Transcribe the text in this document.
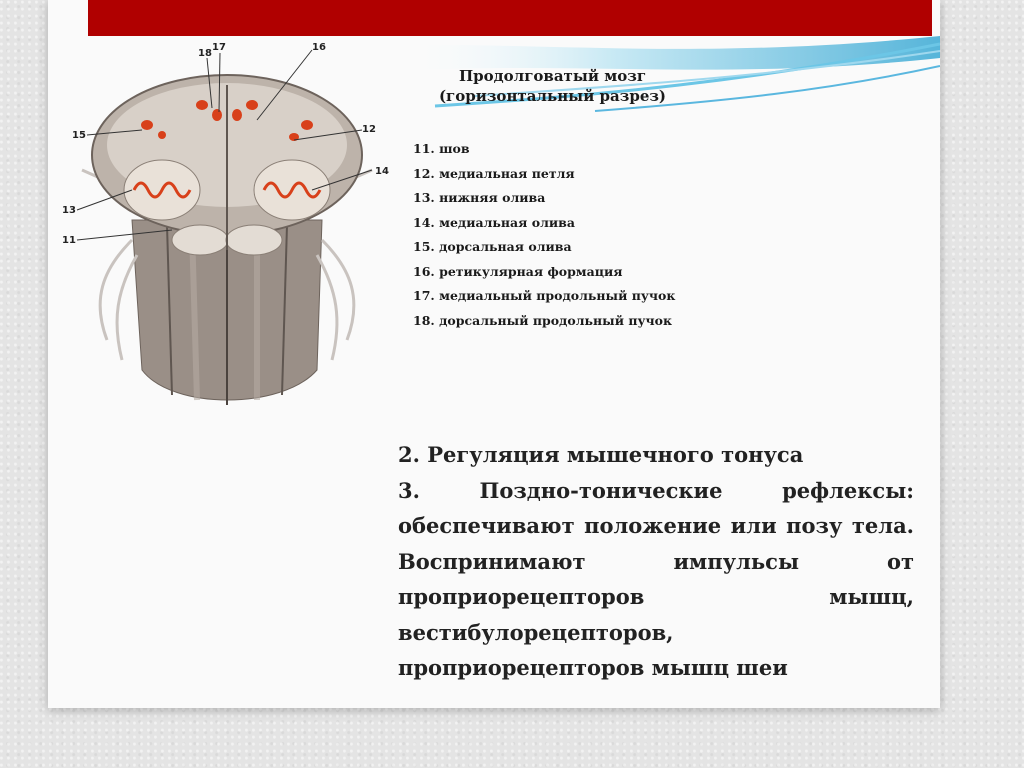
18
17	16
15
12
14
13
11
Продолговатый мозг
(горизонтальный разрез)
11. шов
12. медиальная петля
13. нижняя олива
14. медиальная олива
15. дорсальная олива
16. ретикулярная формация
17. медиальный продольный пучок
18. дорсальный продольный пучок

2. Регуляция мышечного тонуса

3. Поздно-тонические рефлексы: обеспечивают положение или позу тела. Воспринимают импульсы от проприорецепторов мышц,

вестибулорецепторов,

проприорецепторов мышц шеи
